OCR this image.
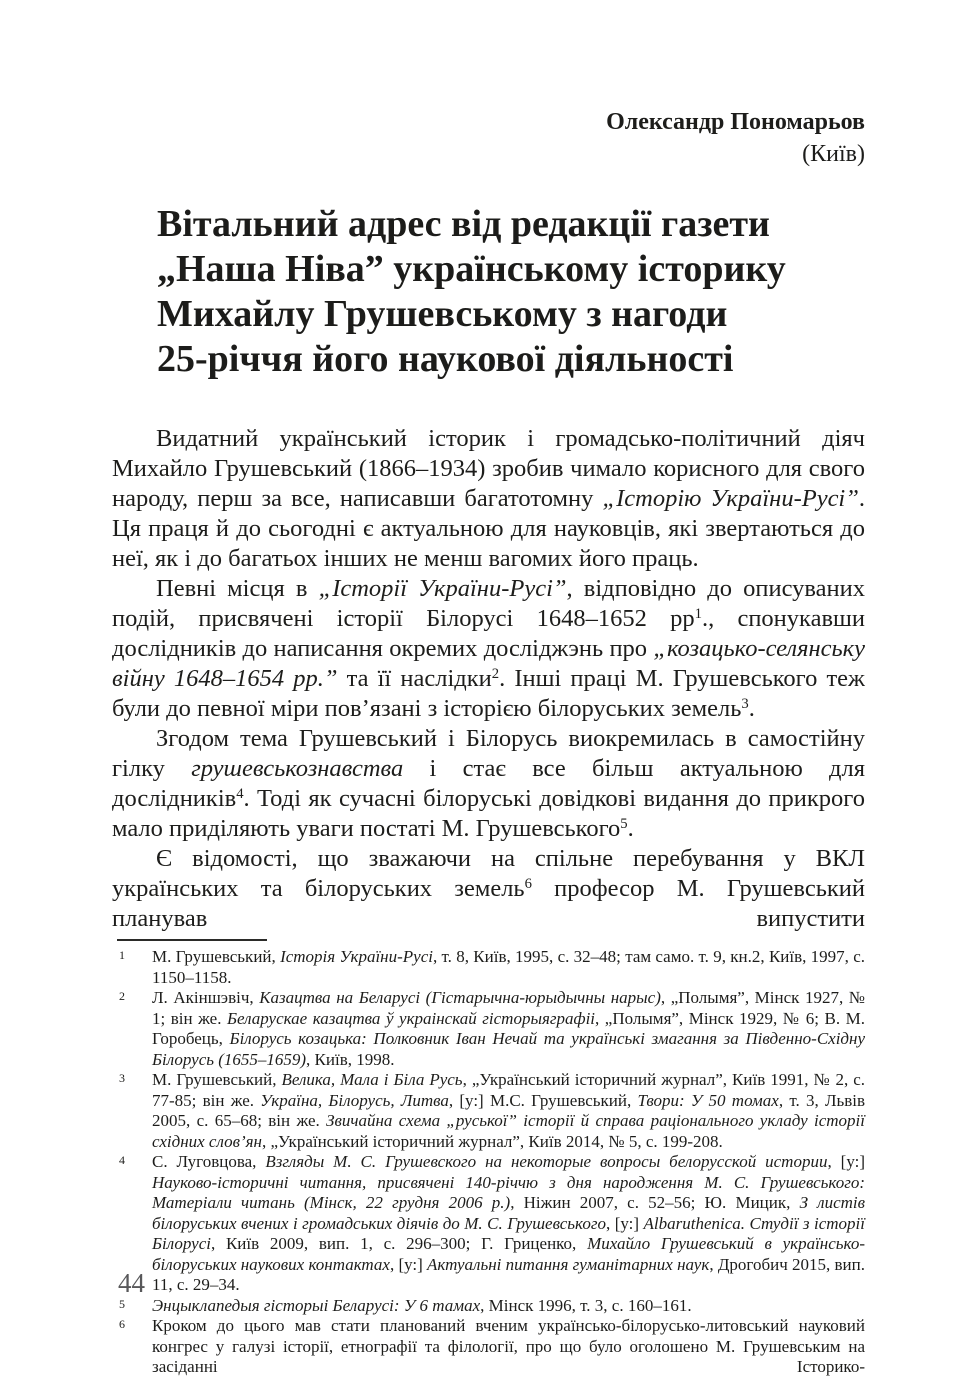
Олександр Пономарьов
(Київ)
Вітальний адрес від редакції газети
„Наша Ніва” українському історику
Михайлу Грушевському з нагоди
25-річчя його наукової діяльності

Видатний український історик і громадсько-політичний діяч Михайло Грушевський (1866–1934) зробив чимало корисного для свого народу, перш за все, написавши багатотомну „Історію України-Русі”. Ця праця й до сьогодні є актуальною для науковців, які звертаються до неї, як і до багатьох інших не менш вагомих його праць.

Певні місця в „Історії України-Русі”, відповідно до описуваних подій, присвячені історії Білорусі 1648–1652 рр$^1$., спонукавши дослідників до написання окремих досліджэнь про „козацько-селянську війну 1648–1654 рр.” та її наслідки$^2$. Інші праці М. Грушевського теж були до певної міри пов’язані з історією білоруських земель$^3$.

Згодом тема Грушевський і Білорусь виокремилась в самостійну гілку грушевськознавства і стає все більш актуальною для дослідників$^4$. Тоді як сучасні білоруські довідкові видання до прикрого мало приділяють уваги постаті М. Грушевського$^5$.

Є відомості, що зважаючи на спільне перебування у ВКЛ українських та білоруських земель$^6$ професор М. Грушевський планував випустити

1	М. Грушевський, Історія України-Русі, т. 8, Київ, 1995, с. 32–48; там само. т. 9, кн.2, Київ, 1997, с. 1150–1158.
2	Л. Акіншэвіч, Казацтва на Беларусі (Гістарычна-юрыдычны нарыс), „Полымя”, Мінск 1927, № 1; він же. Беларускае казацтва ў украінскай гісторыяграфіі, „Полымя”, Мінск 1929, № 6; В. М. Горобець, Білорусь козацька: Полковник Іван Нечай та українські змагання за Південно-Східну Білорусь (1655–1659), Київ, 1998.
3	М. Грушевський, Велика, Мала і Біла Русь, „Український історичний журнал”, Київ 1991, № 2, с. 77-85; він же. Україна, Білорусь, Литва, [у:] М.С. Грушевський, Твори: У 50 томах, т. 3, Львів 2005, с. 65–68; він же. Звичайна схема „руської” історії й справа раціонального укладу історії східних слов’ян, „Український історичний журнал”, Київ 2014, № 5, с. 199-208.
4	С. Луговцова, Взгляды М. С. Грушевского на некоторые вопросы белорусской истории, [у:] Науково-історичні читання, присвячені 140-річчю з дня народження М. С. Грушевського: Матеріали читань (Мінск, 22 грудня 2006 р.), Ніжин 2007, с. 52–56; Ю. Мицик, З листів білоруських вчених і громадських діячів до М. С. Грушевського, [у:] Albaruthenica. Студії з історії Білорусі, Київ 2009, вип. 1, с. 296–300; Г. Гриценко, Михайло Грушевський в українсько-білоруських наукових контактах, [у:] Актуальні питання гуманітарних наук, Дрогобич 2015, вип. 11, с. 29–34.
5	Энцыклапедыя гісторыі Беларусі: У 6 тамах, Мінск 1996, т. 3, с. 160–161.
6	Кроком до цього мав стати планований вченим українсько-білорусько-литовський науковий конгрес у галузі історії, етнографії та філології, про що було оголошено М. Грушевським на засіданні Історико-
44
